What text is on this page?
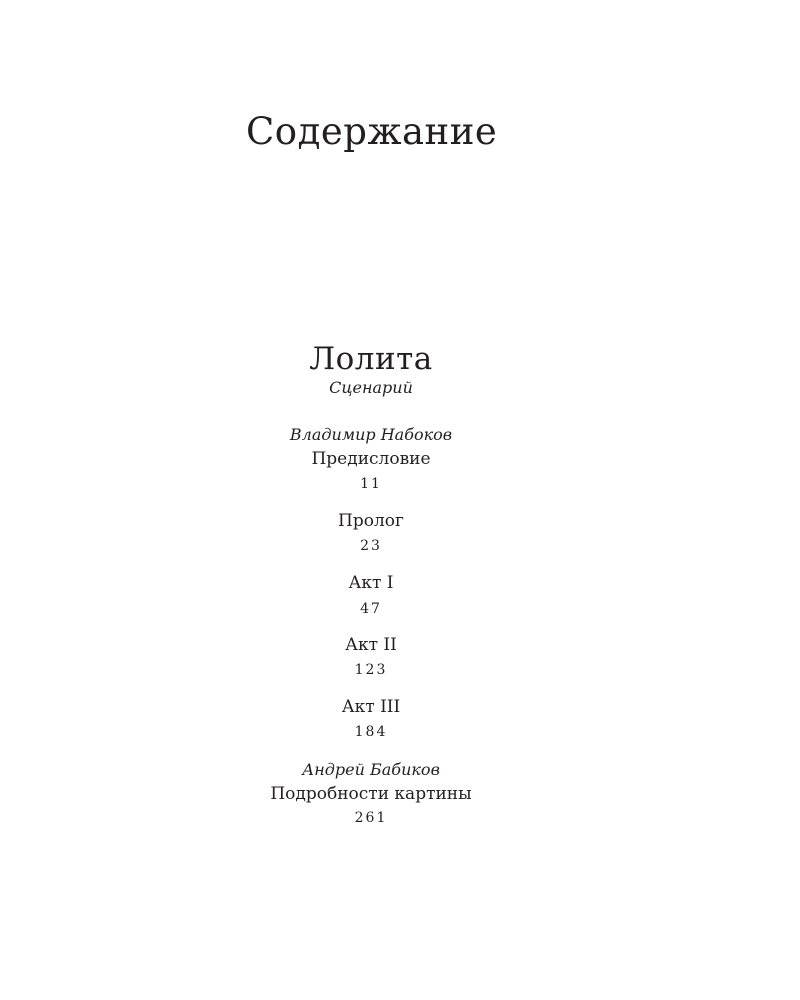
Содержание
Лолита
Сценарий
Владимир Набоков
Предисловие
11
Пролог
23
Акт I
47
Акт II
123
Акт III
184
Андрей Бабиков
Подробности картины
261
